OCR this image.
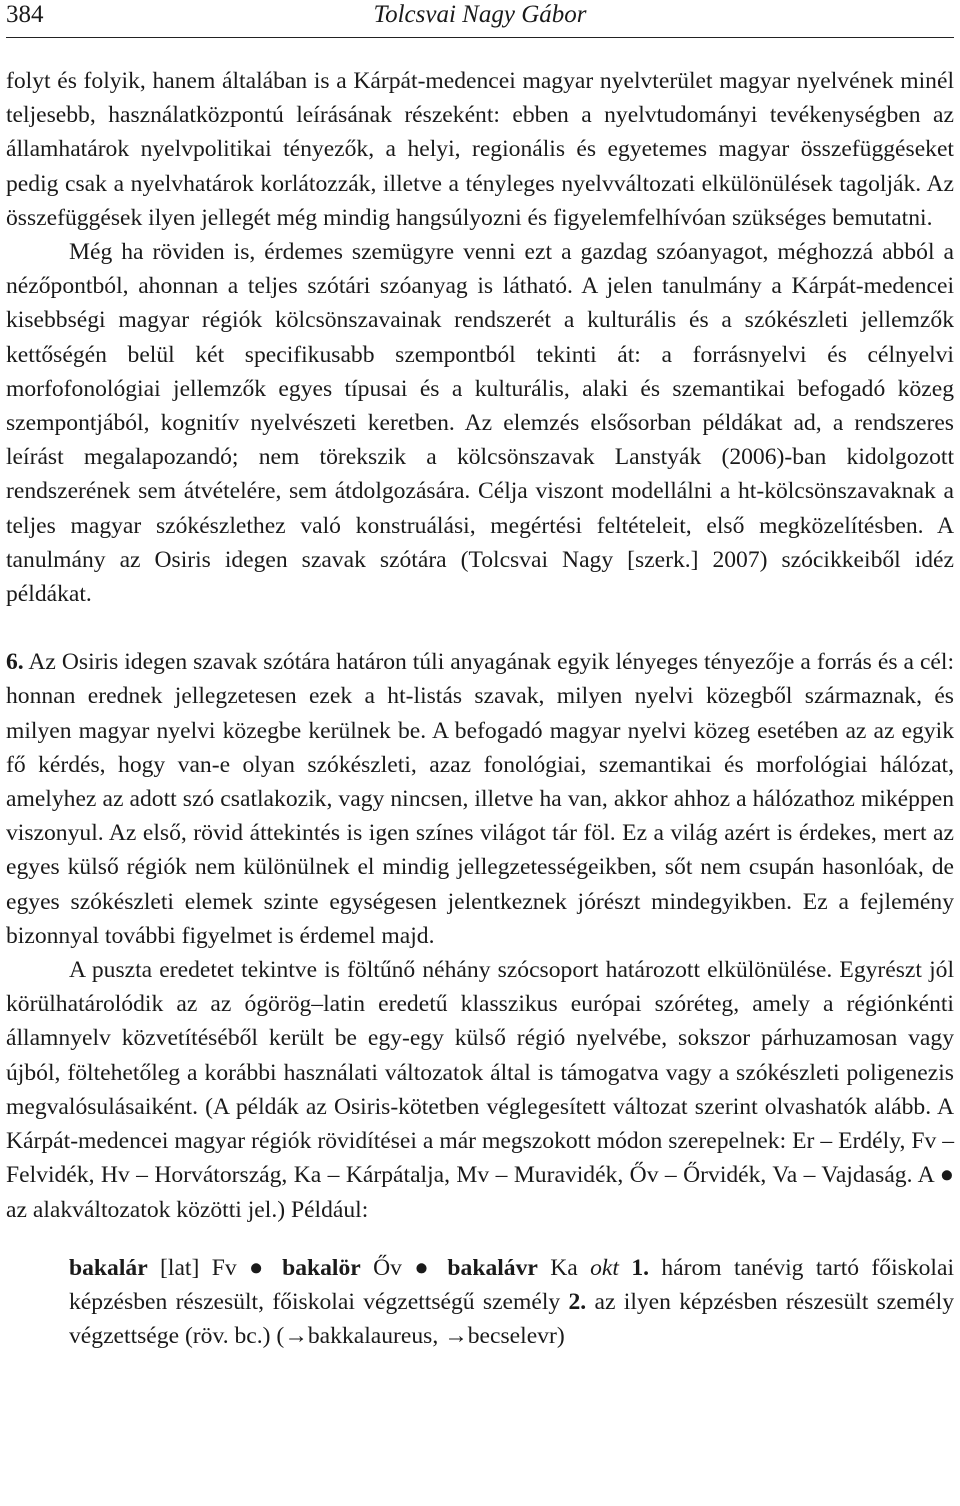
384	Tolcsvai Nagy Gábor

folyt és folyik, hanem általában is a Kárpát-medencei magyar nyelvterület magyar nyelvének minél teljesebb, használatközpontú leírásának részeként: ebben a nyelvtudományi tevékenységben az államhatárok nyelvpolitikai tényezők, a helyi, regionális és egyetemes magyar összefüggéseket pedig csak a nyelvhatárok korlátozzák, illetve a tényleges nyelvváltozati elkülönülések tagolják. Az összefüggések ilyen jellegét még mindig hangsúlyozni és figyelemfelhívóan szükséges bemutatni.

Még ha röviden is, érdemes szemügyre venni ezt a gazdag szóanyagot, méghozzá abból a nézőpontból, ahonnan a teljes szótári szóanyag is látható. A jelen tanulmány a Kárpát-medencei kisebbségi magyar régiók kölcsönszavainak rendszerét a kulturális és a szókészleti jellemzők kettőségén belül két specifikusabb szempontból tekinti át: a forrásnyelvi és célnyelvi morfofonológiai jellemzők egyes típusai és a kulturális, alaki és szemantikai befogadó közeg szempontjából, kognitív nyelvészeti keretben. Az elemzés elsősorban példákat ad, a rendszeres leírást megalapozandó; nem törekszik a kölcsönszavak Lanstyák (2006)-ban kidolgozott rendszerének sem átvételére, sem átdolgozására. Célja viszont modellálni a ht-kölcsönszavaknak a teljes magyar szókészlethez való konstruálási, megértési feltételeit, első megközelítésben. A tanulmány az Osiris idegen szavak szótára (Tolcsvai Nagy [szerk.] 2007) szócikkeiből idéz példákat.

6. Az Osiris idegen szavak szótára határon túli anyagának egyik lényeges tényezője a forrás és a cél: honnan erednek jellegzetesen ezek a ht-listás szavak, milyen nyelvi közegből származnak, és milyen magyar nyelvi közegbe kerülnek be. A befogadó magyar nyelvi közeg esetében az az egyik fő kérdés, hogy van-e olyan szókészleti, azaz fonológiai, szemantikai és morfológiai hálózat, amelyhez az adott szó csatlakozik, vagy nincsen, illetve ha van, akkor ahhoz a hálózathoz miképpen viszonyul. Az első, rövid áttekintés is igen színes világot tár föl. Ez a világ azért is érdekes, mert az egyes külső régiók nem különülnek el mindig jellegzetességeikben, sőt nem csupán hasonlóak, de egyes szókészleti elemek szinte egységesen jelentkeznek jórészt mindegyikben. Ez a fejlemény bizonnyal további figyelmet is érdemel majd.

A puszta eredetet tekintve is föltűnő néhány szócsoport határozott elkülönülése. Egyrészt jól körülhatárolódik az az ógörög–latin eredetű klasszikus európai szóréteg, amely a régiónkénti államnyelv közvetítéséből került be egy-egy külső régió nyelvébe, sokszor párhuzamosan vagy újból, föltehetőleg a korábbi használati változatok által is támogatva vagy a szókészleti poligenezis megvalósulásaiként. (A példák az Osiris-kötetben véglegesített változat szerint olvashatók alább. A Kárpát-medencei magyar régiók rövidítései a már megszokott módon szerepelnek: Er – Erdély, Fv – Felvidék, Hv – Horvátország, Ka – Kárpátalja, Mv – Muravidék, Őv – Őrvidék, Va – Vajdaság. A ● az alakváltozatok közötti jel.) Például:

bakalár [lat] Fv ● bakalör Őv ● bakalávr Ka okt 1. három tanévig tartó főiskolai képzésben részesült, főiskolai végzettségű személy 2. az ilyen képzésben részesült személy végzettsége (röv. bc.) (→bakkalaureus, →becselevr)
